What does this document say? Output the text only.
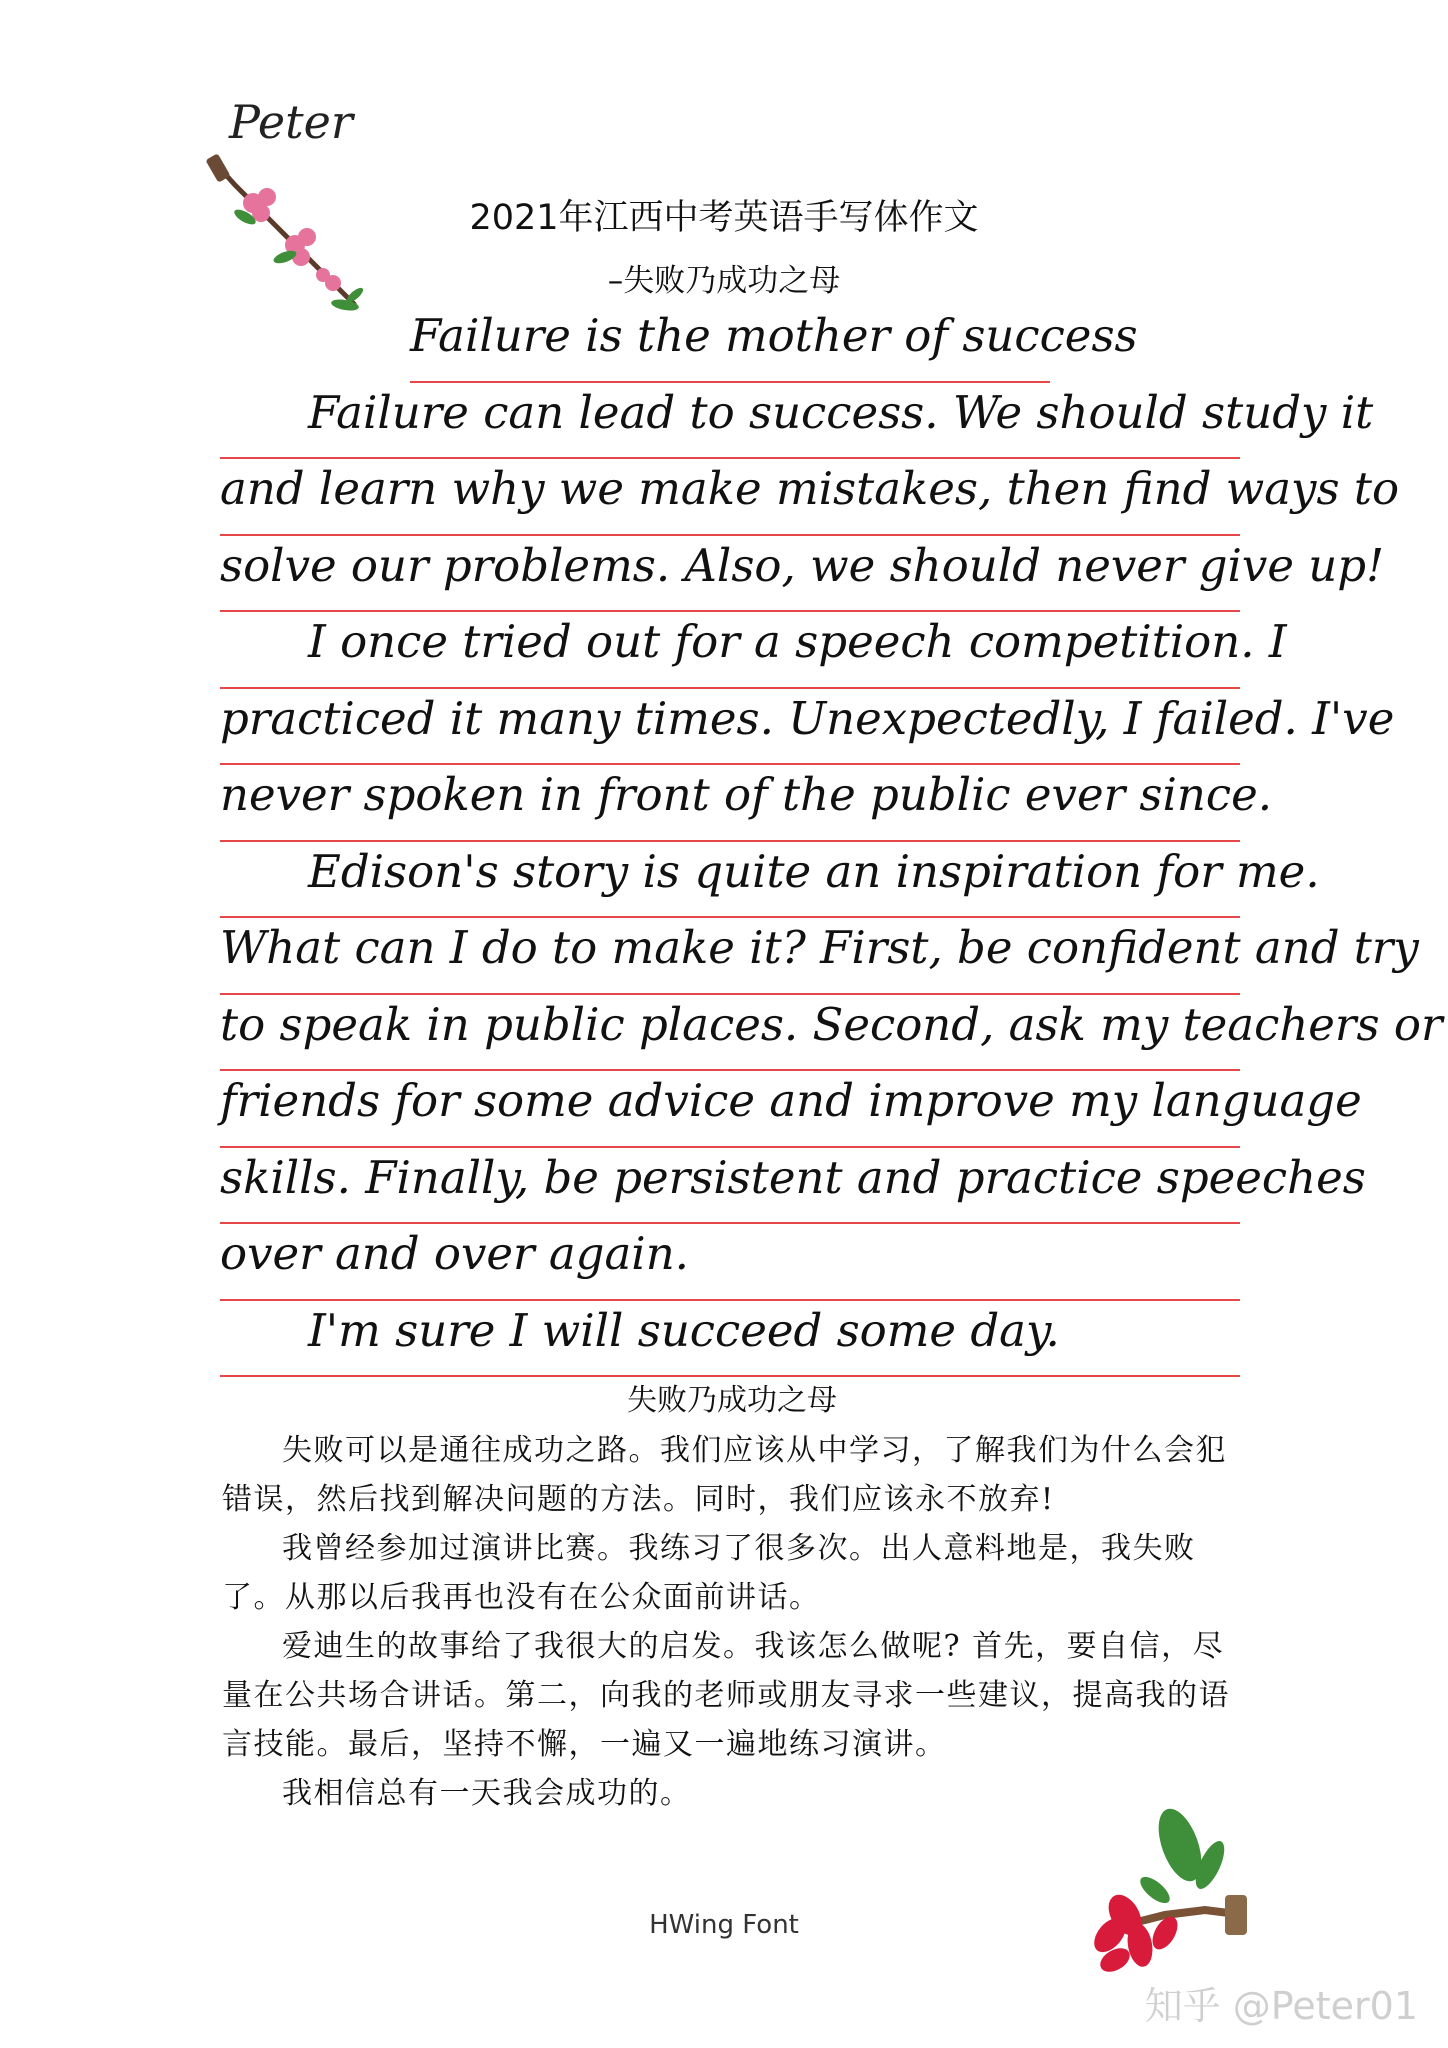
Peter
2021年江西中考英语手写体作文
–失败乃成功之母
Failure is the mother of success
Failure can lead to success. We should study it
and learn why we make mistakes, then find ways to
solve our problems. Also, we should never give up!
I once tried out for a speech competition. I
practiced it many times. Unexpectedly, I failed. I've
never spoken in front of the public ever since.
Edison's story is quite an inspiration for me.
What can I do to make it? First, be confident and try
to speak in public places. Second, ask my teachers or
friends for some advice and improve my language
skills. Finally, be persistent and practice speeches
over and over again.
I'm sure I will succeed some day.
失败乃成功之母

失败可以是通往成功之路。我们应该从中学习，了解我们为什么会犯错误，然后找到解决问题的方法。同时，我们应该永不放弃!

我曾经参加过演讲比赛。我练习了很多次。出人意料地是，我失败了。从那以后我再也没有在公众面前讲话。

爱迪生的故事给了我很大的启发。我该怎么做呢? 首先，要自信，尽量在公共场合讲话。第二，向我的老师或朋友寻求一些建议，提高我的语言技能。最后，坚持不懈，一遍又一遍地练习演讲。

我相信总有一天我会成功的。

HWing Font
知乎 @Peter01
